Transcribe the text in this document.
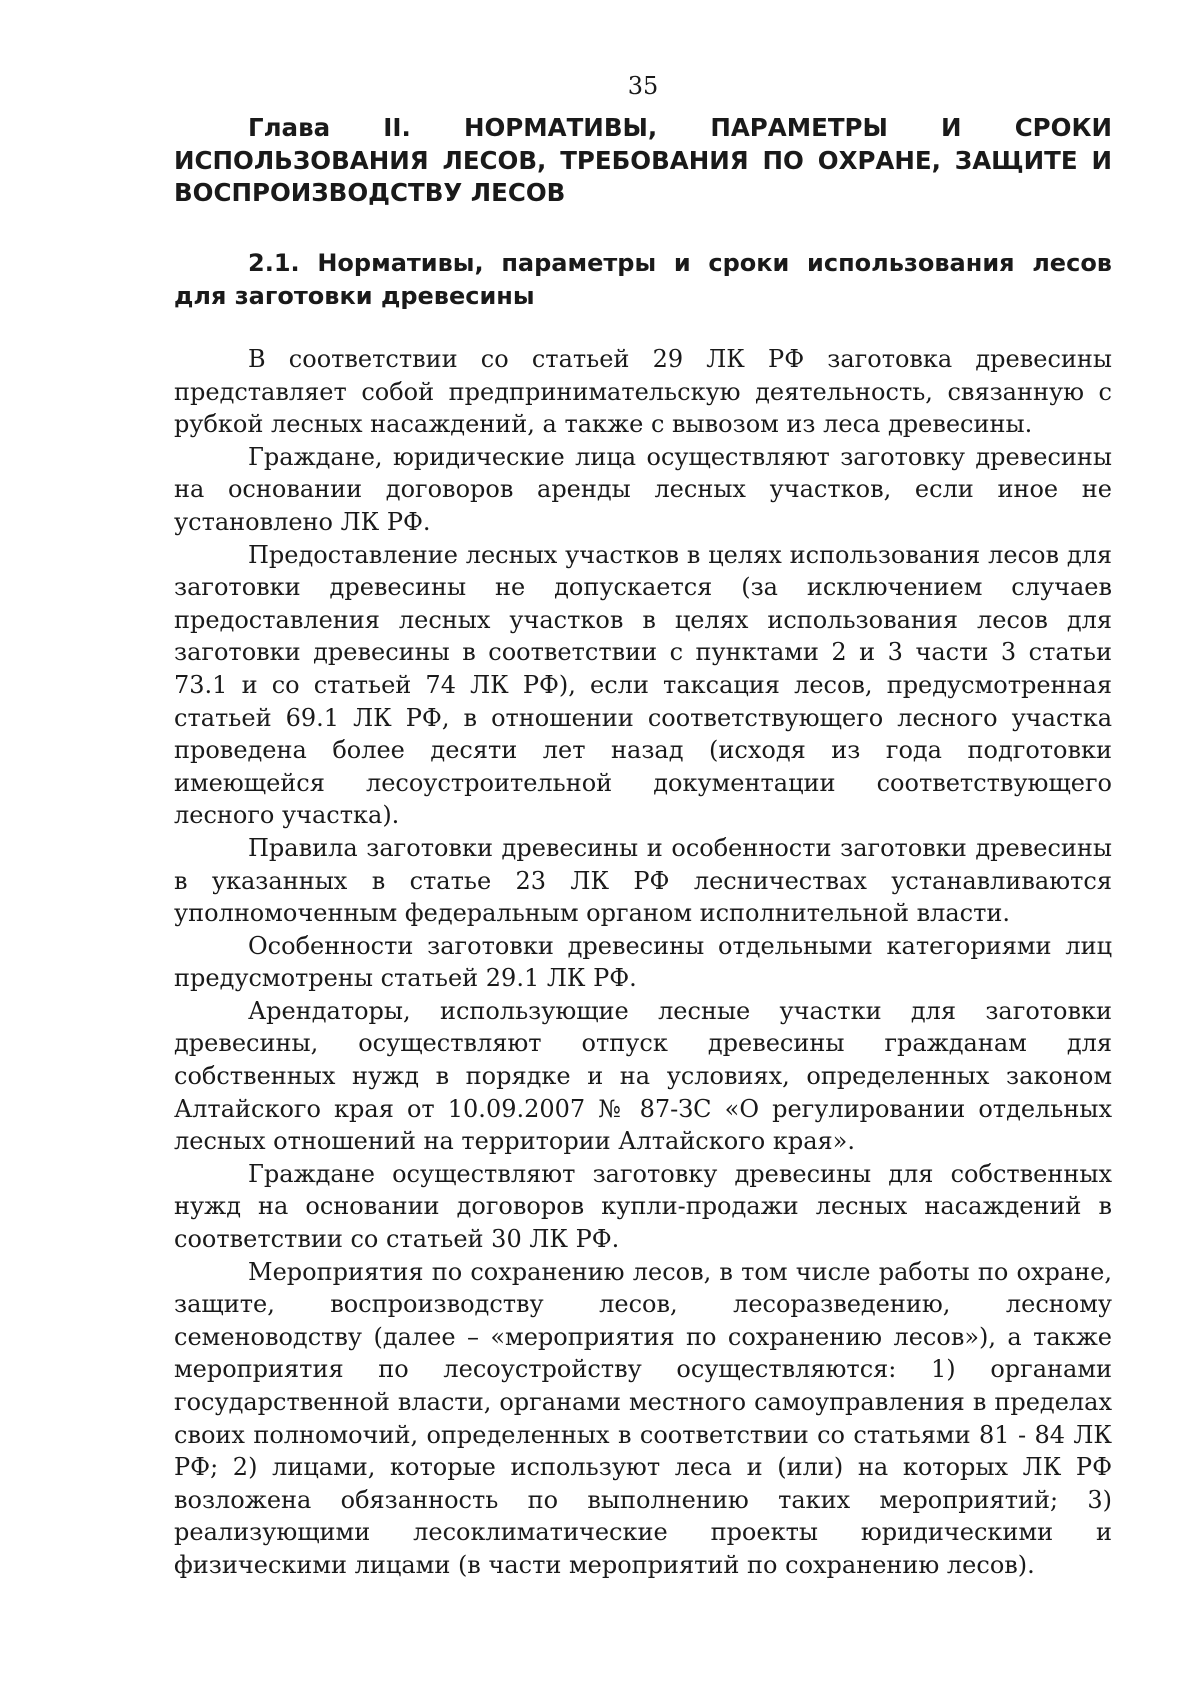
35
Глава II. НОРМАТИВЫ, ПАРАМЕТРЫ И СРОКИ
ИСПОЛЬЗОВАНИЯ ЛЕСОВ, ТРЕБОВАНИЯ ПО ОХРАНЕ, ЗАЩИТЕ И ВОСПРОИЗВОДСТВУ ЛЕСОВ
2.1. Нормативы, параметры и сроки использования лесов
для заготовки древесины

В соответствии со статьей 29 ЛК РФ заготовка древесины представляет собой предпринимательскую деятельность, связанную с рубкой лесных насаждений, а также с вывозом из леса древесины.

Граждане, юридические лица осуществляют заготовку древесины на основании договоров аренды лесных участков, если иное не установлено ЛК РФ.

Предоставление лесных участков в целях использования лесов для заготовки древесины не допускается (за исключением случаев предоставления лесных участков в целях использования лесов для заготовки древесины в соответствии с пунктами 2 и 3 части 3 статьи 73.1 и со статьей 74 ЛК РФ), если таксация лесов, предусмотренная статьей 69.1 ЛК РФ, в отношении соответствующего лесного участка проведена более десяти лет назад (исходя из года подготовки имеющейся лесоустроительной документации соответствующего лесного участка).

Правила заготовки древесины и особенности заготовки древесины в указанных в статье 23 ЛК РФ лесничествах устанавливаются уполномоченным федеральным органом исполнительной власти.

Особенности заготовки древесины отдельными категориями лиц предусмотрены статьей 29.1 ЛК РФ.

Арендаторы, использующие лесные участки для заготовки древесины, осуществляют отпуск древесины гражданам для собственных нужд в порядке и на условиях, определенных законом Алтайского края от 10.09.2007 № 87-ЗС «О регулировании отдельных лесных отношений на территории Алтайского края».

Граждане осуществляют заготовку древесины для собственных нужд на основании договоров купли-продажи лесных насаждений в соответствии со статьей 30 ЛК РФ.

Мероприятия по сохранению лесов, в том числе работы по охране, защите, воспроизводству лесов, лесоразведению, лесному семеноводству (далее – «мероприятия по сохранению лесов»), а также мероприятия по лесоустройству осуществляются: 1) органами государственной власти, органами местного самоуправления в пределах своих полномочий, определенных в соответствии со статьями 81 - 84 ЛК РФ; 2) лицами, которые используют леса и (или) на которых ЛК РФ возложена обязанность по выполнению таких мероприятий; 3) реализующими лесоклиматические проекты юридическими и физическими лицами (в части мероприятий по сохранению лесов).
